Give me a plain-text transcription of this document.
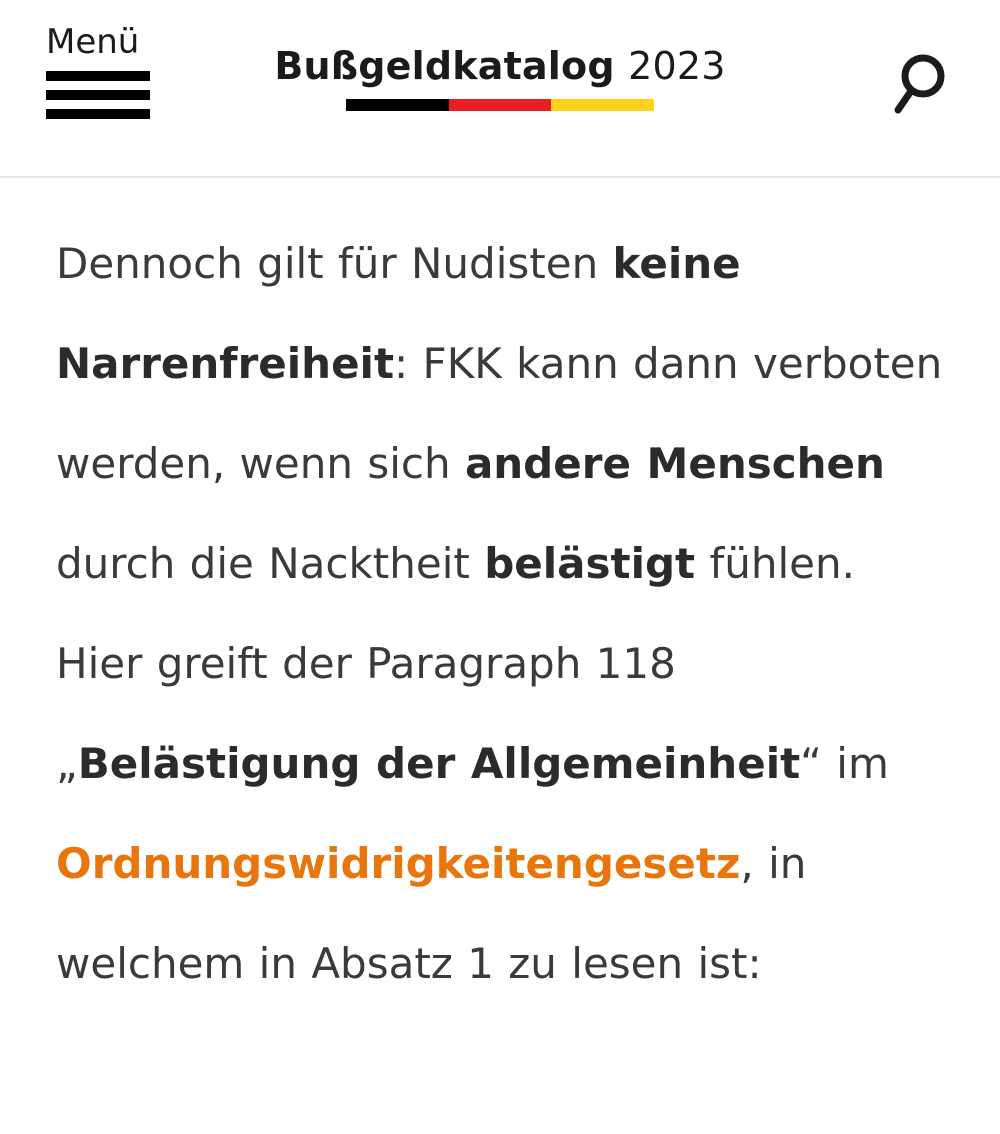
Menü
Bußgeldkatalog 2023

Dennoch gilt für Nudisten keine Narrenfreiheit: FKK kann dann verboten werden, wenn sich andere Menschen durch die Nacktheit belästigt fühlen. Hier greift der Paragraph 118 „Belästigung der Allgemeinheit“ im Ordnungswidrigkeitengesetz, in welchem in Absatz 1 zu lesen ist:
